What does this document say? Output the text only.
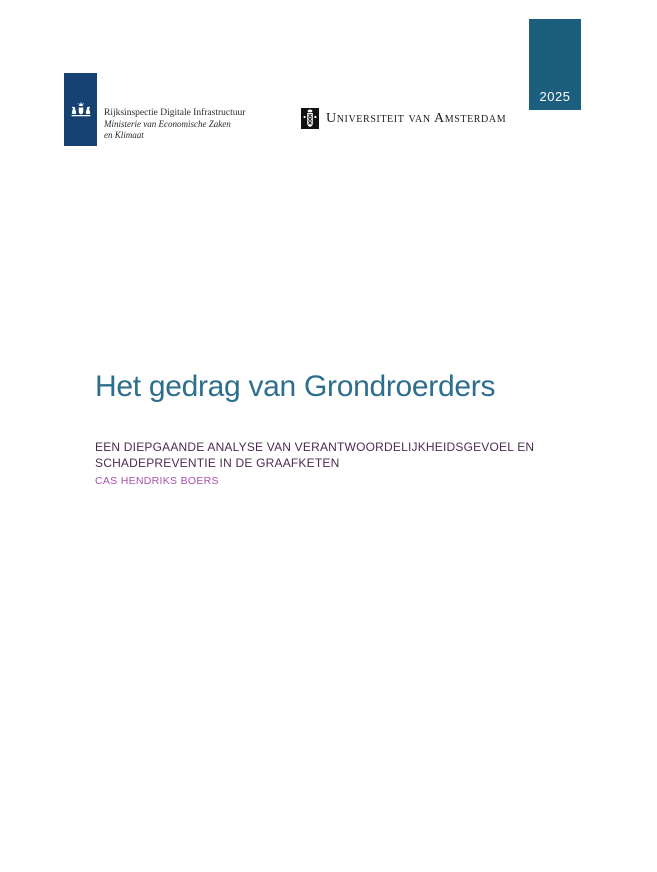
2025
Rijksinspectie Digitale Infrastructuur
Ministerie van Economische Zaken
en Klimaat
Universiteit van Amsterdam
Het gedrag van Grondroerders
EEN DIEPGAANDE ANALYSE VAN VERANTWOORDELIJKHEIDSGEVOEL EN
SCHADEPREVENTIE IN DE GRAAFKETEN
CAS HENDRIKS BOERS
